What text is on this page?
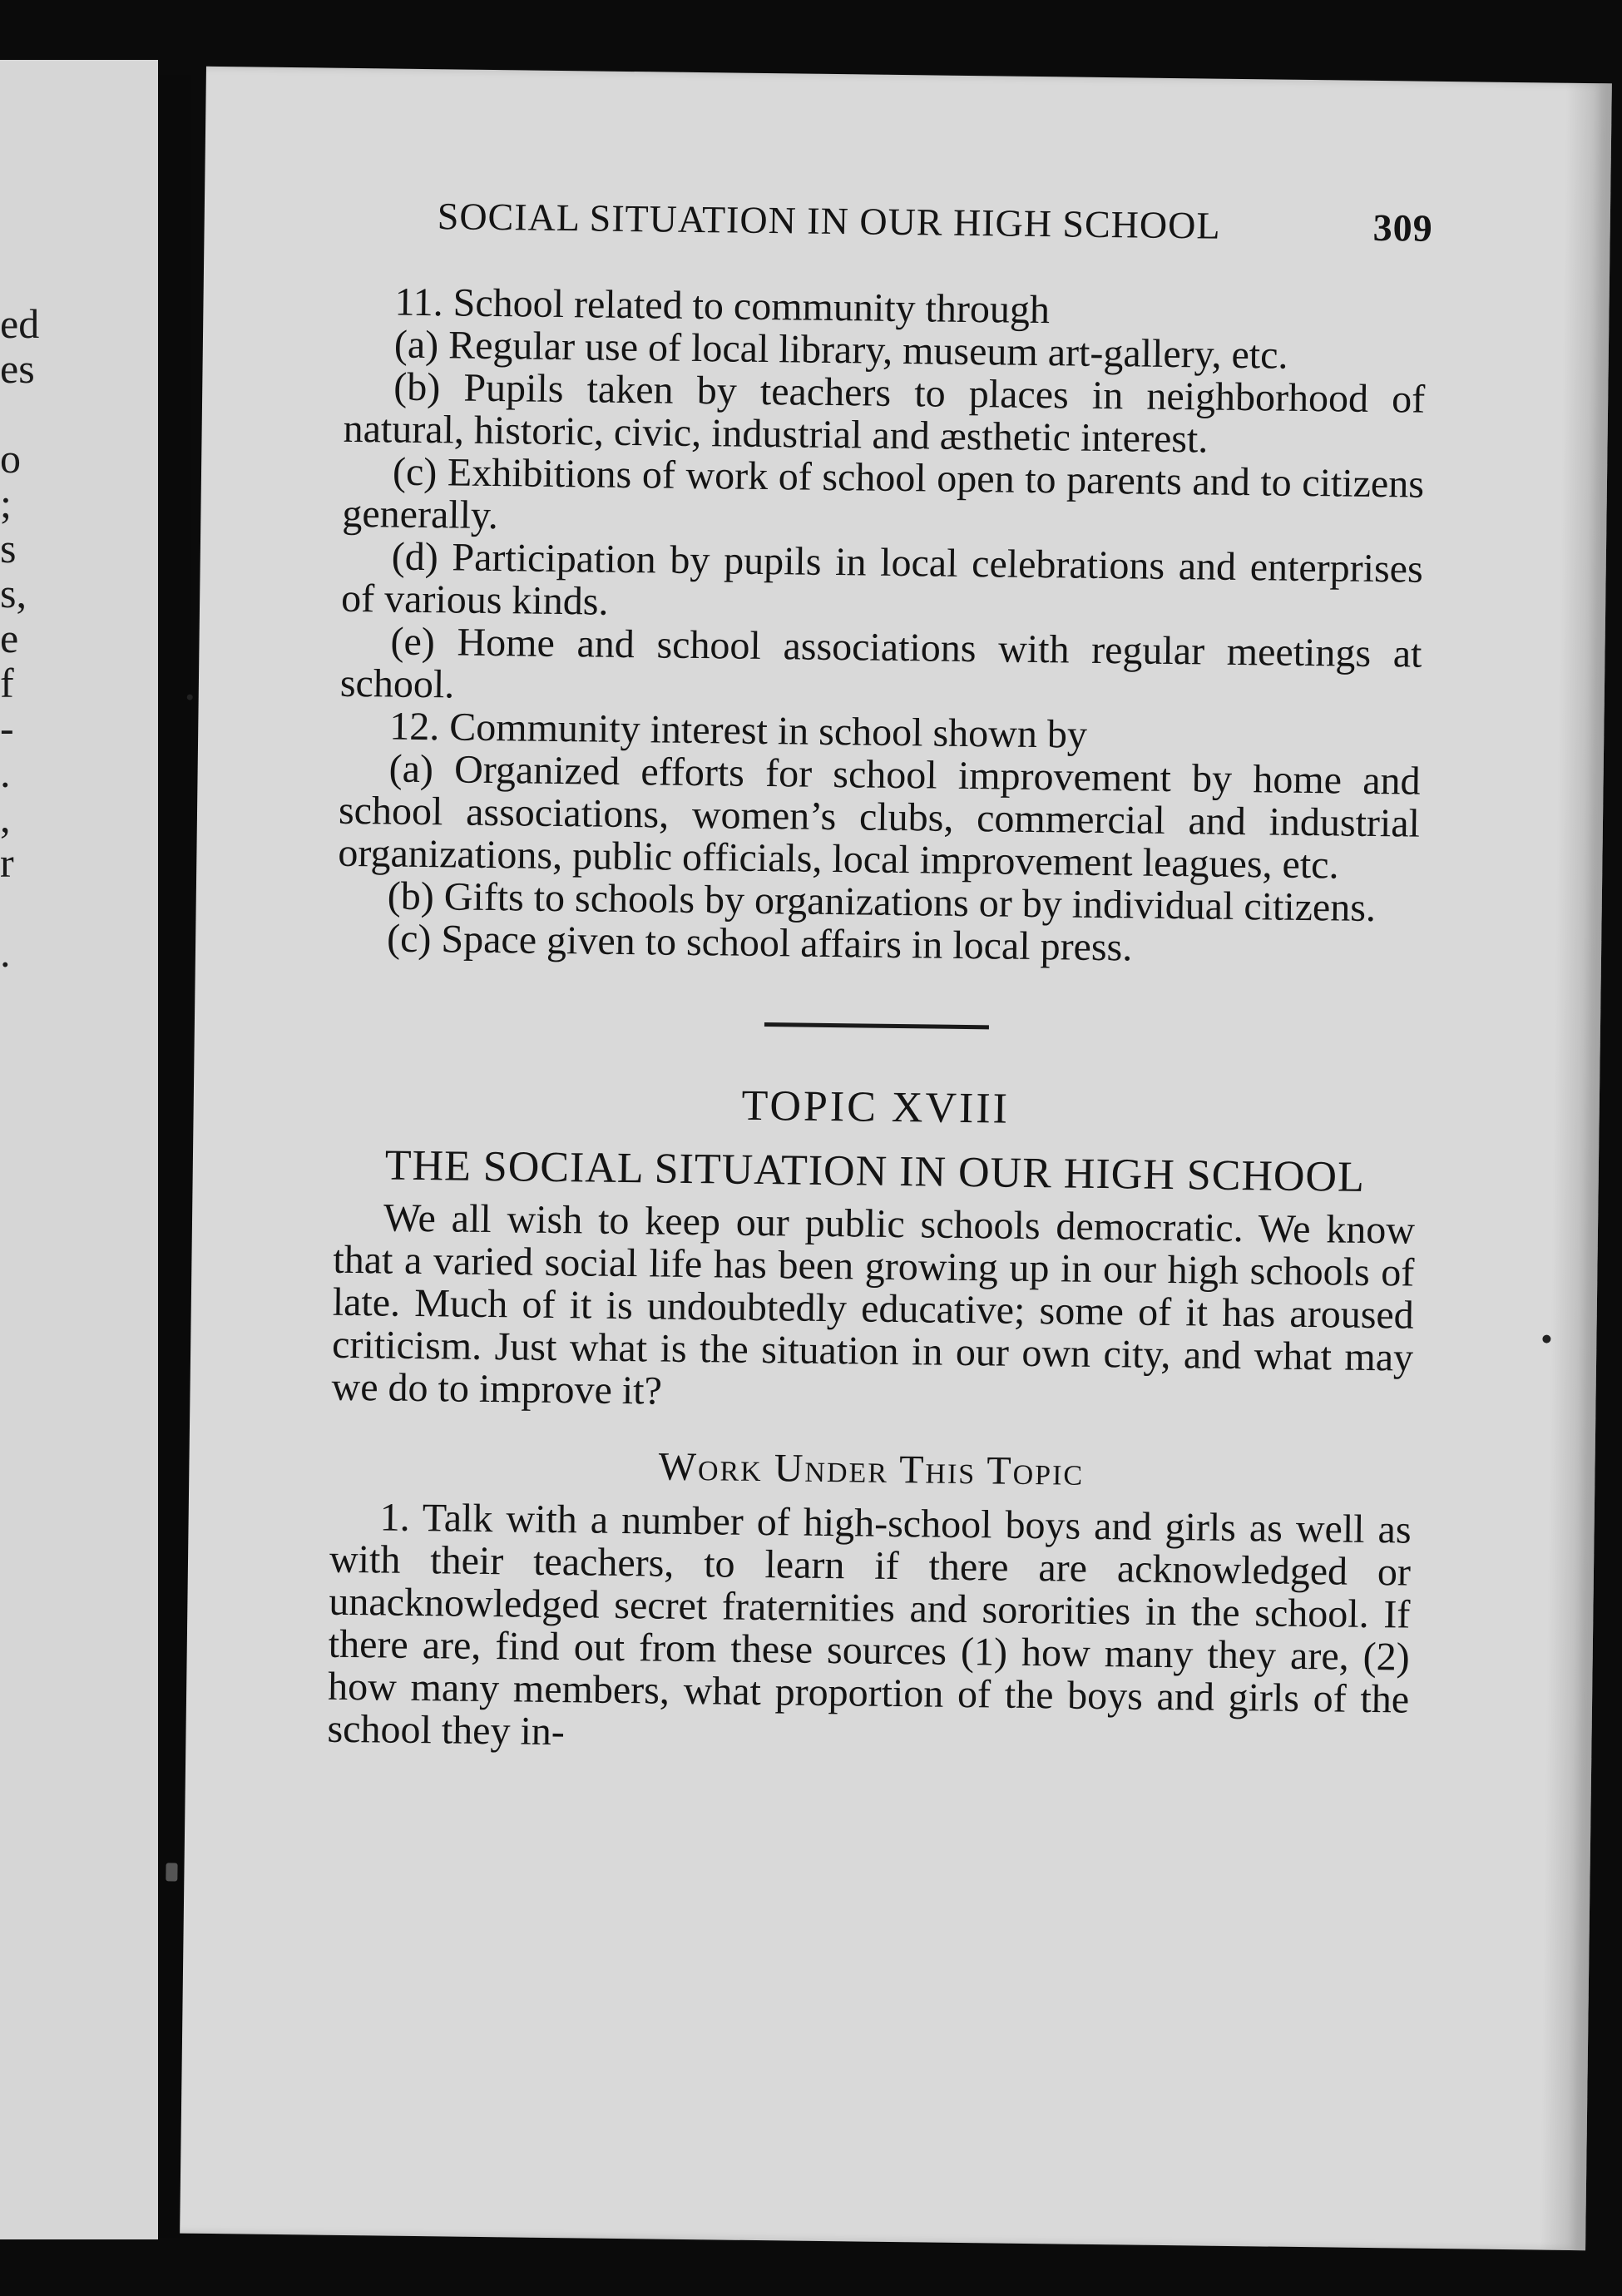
ed
es

o
;
s
s,
e
f
-
.
,
r

.
SOCIAL SITUATION IN OUR HIGH SCHOOL	309

11. School related to community through

(a) Regular use of local library, museum art-gallery, etc.

(b) Pupils taken by teachers to places in neighborhood of natural, historic, civic, industrial and æsthetic interest.

(c) Exhibitions of work of school open to parents and to citizens generally.

(d) Participation by pupils in local celebrations and enterprises of various kinds.

(e) Home and school associations with regular meetings at school.

12. Community interest in school shown by

(a) Organized efforts for school improvement by home and school associations, women’s clubs, commercial and industrial organizations, public officials, local improvement leagues, etc.

(b) Gifts to schools by organizations or by individual citizens.

(c) Space given to school affairs in local press.

TOPIC XVIII

THE SOCIAL SITUATION IN OUR HIGH SCHOOL

We all wish to keep our public schools democratic. We know that a varied social life has been growing up in our high schools of late. Much of it is undoubtedly educative; some of it has aroused criticism. Just what is the situation in our own city, and what may we do to improve it?

Work Under This Topic

1. Talk with a number of high-school boys and girls as well as with their teachers, to learn if there are acknowledged or unacknowledged secret fraternities and sororities in the school. If there are, find out from these sources (1) how many they are, (2) how many members, what proportion of the boys and girls of the school they in-
